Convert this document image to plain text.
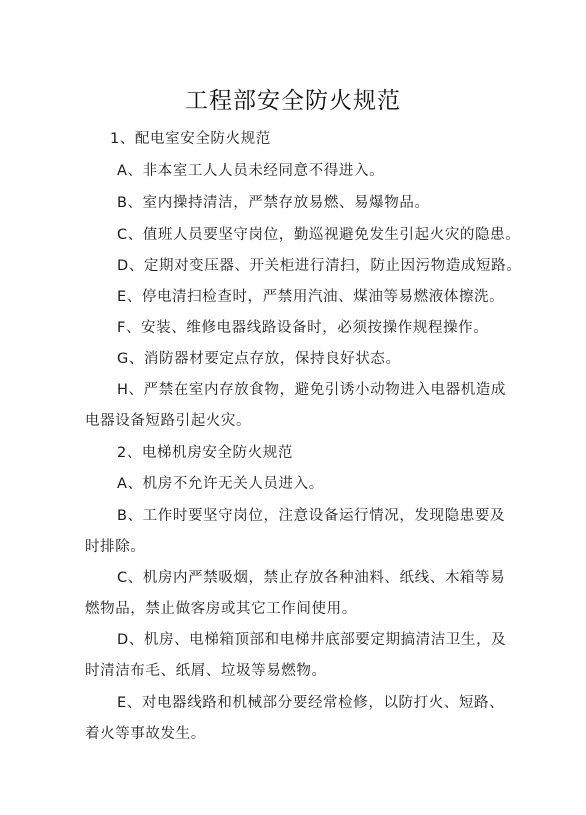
工程部安全防火规范
1、配电室安全防火规范
A、非本室工人人员未经同意不得进入。
B、室内操持清洁，严禁存放易燃、易爆物品。
C、值班人员要坚守岗位，勤巡视避免发生引起火灾的隐患。
D、定期对变压器、开关柜进行清扫，防止因污物造成短路。
E、停电清扫检查时，严禁用汽油、煤油等易燃液体擦洗。
F、安装、维修电器线路设备时，必须按操作规程操作。
G、消防器材要定点存放，保持良好状态。
H、严禁在室内存放食物，避免引诱小动物进入电器机造成
电器设备短路引起火灾。
2、电梯机房安全防火规范
A、机房不允许无关人员进入。
B、工作时要坚守岗位，注意设备运行情况，发现隐患要及
时排除。
C、机房内严禁吸烟，禁止存放各种油料、纸线、木箱等易
燃物品，禁止做客房或其它工作间使用。
D、机房、电梯箱顶部和电梯井底部要定期搞清洁卫生，及
时清洁布毛、纸屑、垃圾等易燃物。
E、对电器线路和机械部分要经常检修，以防打火、短路、
着火等事故发生。
